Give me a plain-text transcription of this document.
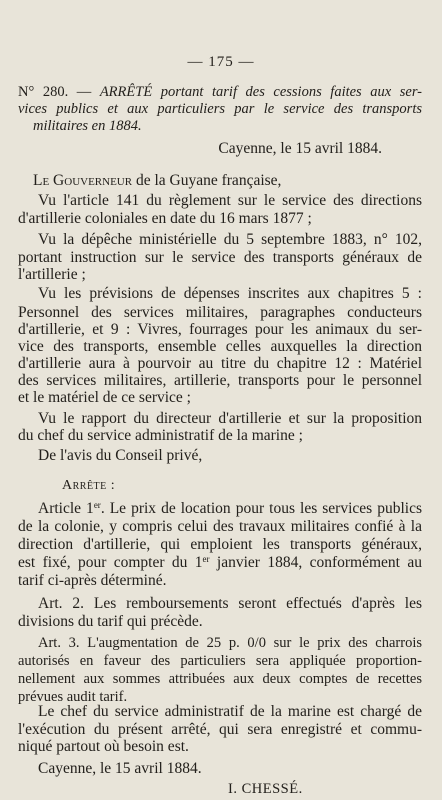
— 175 —
N° 280. — ARRÊTÉ portant tarif des cessions faites aux ser-
vices publics et aux particuliers par le service des transports
militaires en 1884.
Cayenne, le 15 avril 1884.
Le Gouverneur de la Guyane française,
Vu l'article 141 du règlement sur le service des directions
d'artillerie coloniales en date du 16 mars 1877 ;
Vu la dépêche ministérielle du 5 septembre 1883, n° 102,
portant instruction sur le service des transports généraux de
l'artillerie ;
Vu les prévisions de dépenses inscrites aux chapitres 5 :
Personnel des services militaires, paragraphes conducteurs
d'artillerie, et 9 : Vivres, fourrages pour les animaux du ser-
vice des transports, ensemble celles auxquelles la direction
d'artillerie aura à pourvoir au titre du chapitre 12 : Matériel
des services militaires, artillerie, transports pour le personnel
et le matériel de ce service ;
Vu le rapport du directeur d'artillerie et sur la proposition
du chef du service administratif de la marine ;
De l'avis du Conseil privé,
Arrête :
Article 1er. Le prix de location pour tous les services publics
de la colonie, y compris celui des travaux militaires confié à la
direction d'artillerie, qui emploient les transports généraux,
est fixé, pour compter du 1er janvier 1884, conformément au
tarif ci-après déterminé.
Art. 2. Les remboursements seront effectués d'après les
divisions du tarif qui précède.
Art. 3. L'augmentation de 25 p. 0/0 sur le prix des charrois
autorisés en faveur des particuliers sera appliquée proportion-
nellement aux sommes attribuées aux deux comptes de recettes
prévues audit tarif.
Le chef du service administratif de la marine est chargé de
l'exécution du présent arrêté, qui sera enregistré et commu-
niqué partout où besoin est.
Cayenne, le 15 avril 1884.
I. CHESSÉ.
